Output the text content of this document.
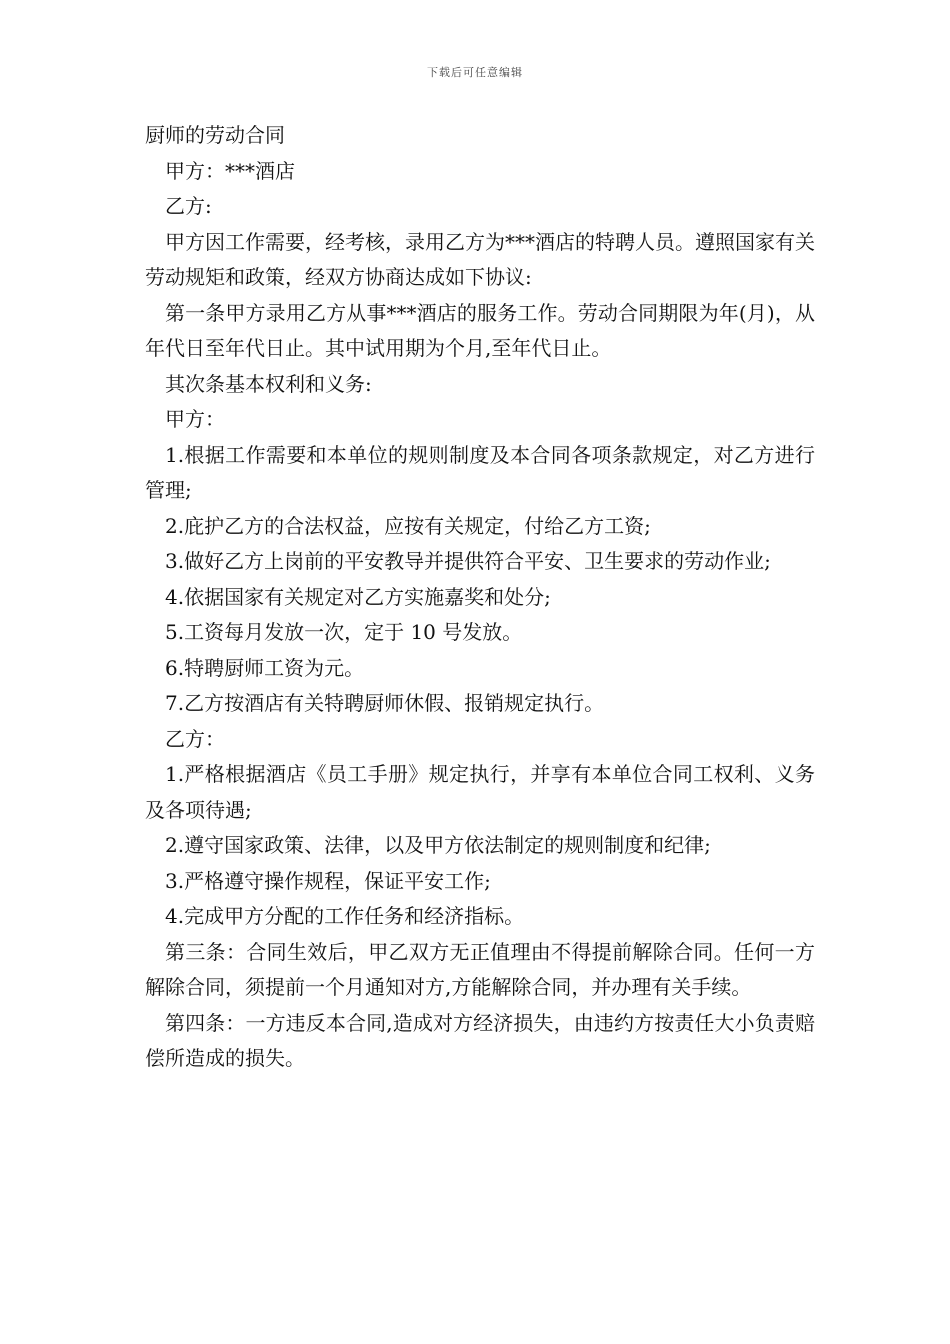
下载后可任意编辑

厨师的劳动合同

甲方：***酒店

乙方:

甲方因工作需要，经考核，录用乙方为***酒店的特聘人员。遵照国家有关劳动规矩和政策，经双方协商达成如下协议:

第一条甲方录用乙方从事***酒店的服务工作。劳动合同期限为年(月)，从年代日至年代日止。其中试用期为个月,至年代日止。

其次条基本权利和义务:

甲方：

1.根据工作需要和本单位的规则制度及本合同各项条款规定，对乙方进行管理;

2.庇护乙方的合法权益，应按有关规定，付给乙方工资;

3.做好乙方上岗前的平安教导并提供符合平安、卫生要求的劳动作业;

4.依据国家有关规定对乙方实施嘉奖和处分;

5.工资每月发放一次，定于 10 号发放。

6.特聘厨师工资为元。

7.乙方按酒店有关特聘厨师休假、报销规定执行。

乙方：

1.严格根据酒店《员工手册》规定执行，并享有本单位合同工权利、义务及各项待遇;

2.遵守国家政策、法律，以及甲方依法制定的规则制度和纪律;

3.严格遵守操作规程，保证平安工作;

4.完成甲方分配的工作任务和经济指标。

第三条：合同生效后，甲乙双方无正值理由不得提前解除合同。任何一方解除合同，须提前一个月通知对方,方能解除合同，并办理有关手续。

第四条：一方违反本合同,造成对方经济损失，由违约方按责任大小负责赔偿所造成的损失。
